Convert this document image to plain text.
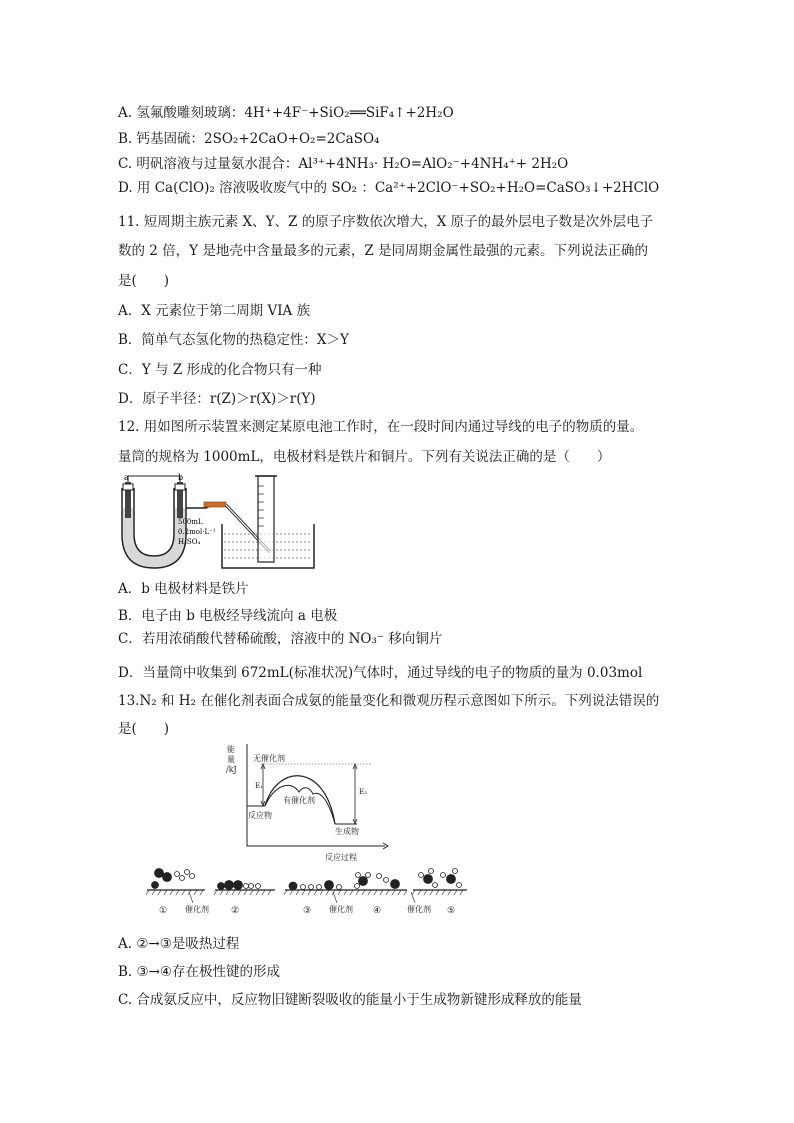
A. 氢氟酸雕刻玻璃：4H⁺+4F⁻+SiO₂══SiF₄↑+2H₂O
B. 钙基固硫：2SO₂+2CaO+O₂=2CaSO₄
C. 明矾溶液与过量氨水混合：Al³⁺+4NH₃· H₂O=AlO₂⁻+4NH₄⁺+ 2H₂O
D. 用 Ca(ClO)₂ 溶液吸收废气中的 SO₂ ：Ca²⁺+2ClO⁻+SO₂+H₂O=CaSO₃↓+2HClO
11. 短周期主族元素 X、Y、Z 的原子序数依次增大，X 原子的最外层电子数是次外层电子
数的 2 倍，Y 是地壳中含量最多的元素，Z 是同周期金属性最强的元素。下列说法正确的
是(　　)
A．X 元素位于第二周期 VIA 族
B．简单气态氢化物的热稳定性：X＞Y
C．Y 与 Z 形成的化合物只有一种
D．原子半径：r(Z)＞r(X)＞r(Y)
12. 用如图所示装置来测定某原电池工作时，在一段时间内通过导线的电子的物质的量。
量筒的规格为 1000mL，电极材料是铁片和铜片。下列有关说法正确的是（　　）
a	b
500mL
0.2mol·L⁻¹
H₂SO₄
A．b 电极材料是铁片
B．电子由 b 电极经导线流向 a 电极
C．若用浓硝酸代替稀硫酸，溶液中的 NO₃⁻ 移向铜片
D．当量筒中收集到 672mL(标准状况)气体时，通过导线的电子的物质的量为 0.03mol
13.N₂ 和 H₂ 在催化剂表面合成氨的能量变化和微观历程示意图如下所示。下列说法错误的
是(　　)
能
量
/kJ
反应过程
无催化剂
有催化剂
反应物
生成物
E₁
E₂
① 催化剂 ②	③ 催化剂 ④	催化剂 ⑤
A. ②→③是吸热过程
B. ③→④存在极性键的形成
C. 合成氨反应中，反应物旧键断裂吸收的能量小于生成物新键形成释放的能量
